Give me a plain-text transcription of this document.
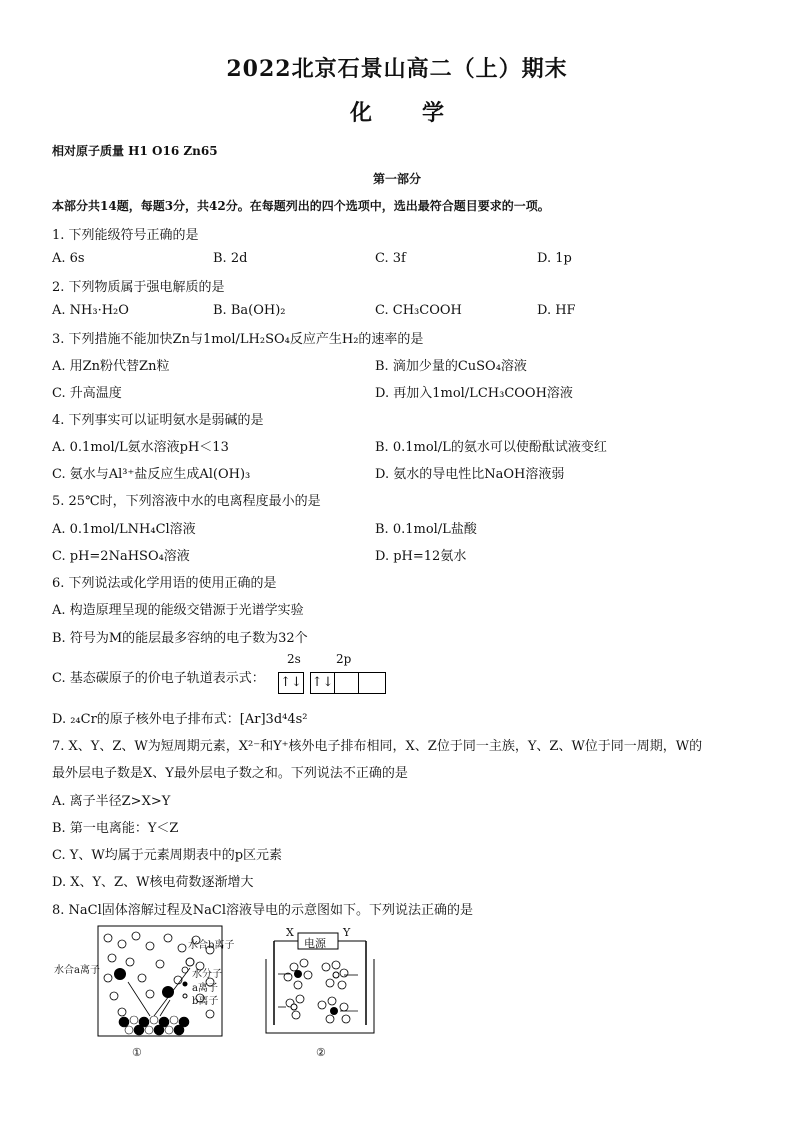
2022北京石景山高二（上）期末
化学
相对原子质量 H1 O16 Zn65
第一部分
本部分共14题，每题3分，共42分。在每题列出的四个选项中，选出最符合题目要求的一项。
1. 下列能级符号正确的是
A. 6s	B. 2d	C. 3f	D. 1p
2. 下列物质属于强电解质的是
A. NH₃·H₂O	B. Ba(OH)₂	C. CH₃COOH	D. HF
3. 下列措施不能加快Zn与1mol/LH₂SO₄反应产生H₂的速率的是
A. 用Zn粉代替Zn粒	B. 滴加少量的CuSO₄溶液
C. 升高温度	D. 再加入1mol/LCH₃COOH溶液
4. 下列事实可以证明氨水是弱碱的是
A. 0.1mol/L氨水溶液pH＜13	B. 0.1mol/L的氨水可以使酚酞试液变红
C. 氨水与Al³⁺盐反应生成Al(OH)₃	D. 氨水的导电性比NaOH溶液弱
5. 25℃时，下列溶液中水的电离程度最小的是
A. 0.1mol/LNH₄Cl溶液	B. 0.1mol/L盐酸
C. pH=2NaHSO₄溶液	D. pH=12氨水
6. 下列说法或化学用语的使用正确的是
A. 构造原理呈现的能级交错源于光谱学实验
B. 符号为M的能层最多容纳的电子数为32个
C. 基态碳原子的价电子轨道表示式：
2s	2p
↑↓ ↑↓
D. ₂₄Cr的原子核外电子排布式：[Ar]3d⁴4s²
7. X、Y、Z、W为短周期元素，X²⁻和Y⁺核外电子排布相同，X、Z位于同一主族，Y、Z、W位于同一周期，W的
最外层电子数是X、Y最外层电子数之和。下列说法不正确的是
A. 离子半径Z>X>Y
B. 第一电离能：Y＜Z
C. Y、W均属于元素周期表中的p区元素
D. X、Y、Z、W核电荷数逐渐增大
8. NaCl固体溶解过程及NaCl溶液导电的示意图如下。下列说法正确的是
水合b离子
水合a离子	水分子
a离子
b离子
①
X	Y
电源
②
